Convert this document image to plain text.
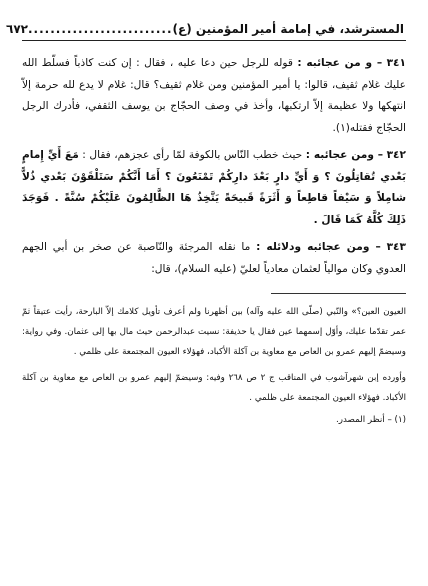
المسترشد، في إمامة أمير المؤمنين (ع)
..........................
٦٧٢

٣٤١ – و من عجائبه : قوله للرجل حين دعا عليه ، فقال : إن كنت كاذباً فسلّط الله عليك غلام ثقيف، قالوا: يا أمير المؤمنين ومن غلام ثقيف؟ قال: غلام لا يدع لله حرمة إلاّ انتهكها ولا عظيمة إلاّ ارتكبها، وأخذ في وصف الحجّاج بن يوسف الثقفي، فأدرك الرجل الحجّاج فقتله(١).

٣٤٢ – ومن عجائبه : حيث خطب النّاس بالكوفة لمّا رأى عجزهم، فقال : مَعَ أَيِّ إِمامٍ بَعْدي تُقاتِلُونَ ؟ وَ أَيِّ دارٍ بَعْدَ دارِكُمْ تَمْنَعُونَ ؟ أَمَا أَنَّكُمْ سَتَلْقَوْنَ بَعْدي ذُلاًّ شامِلاً وَ سَيْفاً قاطِعاً وَ أَثَرَةً قَبيحَةً يَتَّخِذُ هَا الظَّالِمُونَ عَلَيْكُمْ سُنَّةً . فَوَجَدَ ذَلِكَ كُلَّهُ كَمَا قَالَ .

٣٤٣ – ومن عجائبه ودلائله : ما نقله المرجئة والنّاصبة عن صخر بن أبي الجهم العدوي وكان موالياً لعثمان معادياً لعليّ (عليه السلام)، قال:

العيون العين؟» والنّبي (صلّى الله عليه وآله) بين أظهرنا ولم أعرف تأويل كلامك إلاّ البارحة، رأيت عتيقاً ثمّ عمر تقدّما عليك، وأوّل إسمهما عين فقال يا حذيفة: نسيت عبدالرحمن حيث مال بها إلى عثمان. وفي رواية: وسيضمّ إليهم عمرو بن العاص مع معاوية بن آكلة الأكباد، فهؤلاء العيون المجتمعة على ظلمي .

وأورده إبن شهرآشوب في المناقب ج ٢ ص ٢٦٨ وفيه: وسيضمّ إليهم عمرو بن العاص مع معاوية بن آكلة الأكباد. فهؤلاء العيون المجتمعة على ظلمي .

(١) – أنظر المصدر.
